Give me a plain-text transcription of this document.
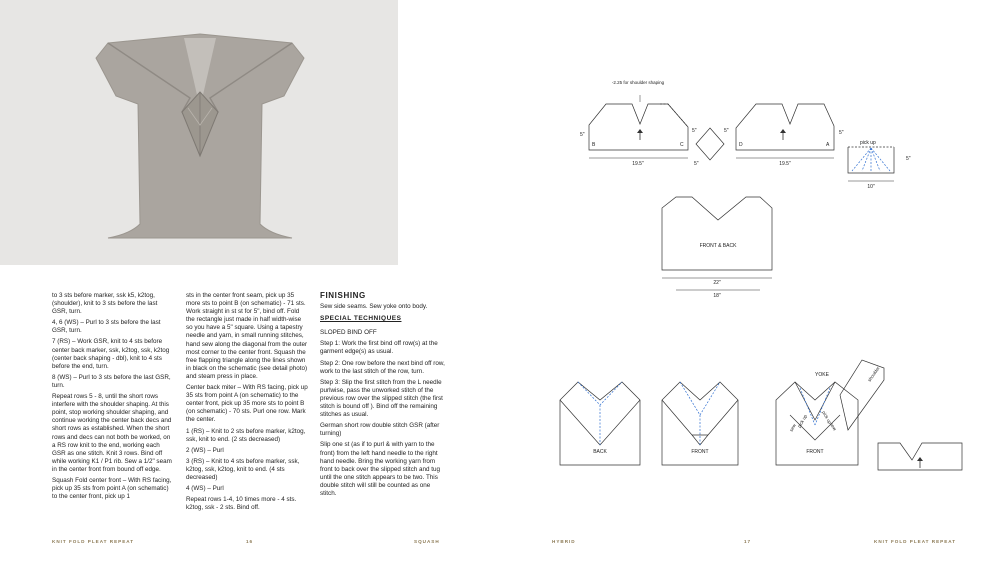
to 3 sts before marker, ssk k5, k2tog, (shoulder), knit to 3 sts before the last GSR, turn.

4, 6 (WS) – Purl to 3 sts before the last GSR, turn.

7 (RS) – Work GSR, knit to 4 sts before center back marker, ssk, k2tog, ssk, k2tog (center back shaping - dbl), knit to 4 sts before the end, turn.

8 (WS) – Purl to 3 sts before the last GSR, turn.

Repeat rows 5 - 8, until the short rows interfere with the shoulder shaping. At this point, stop working shoulder shaping, and continue working the center back decs and short rows as established. When the short rows and decs can not both be worked, on a RS row knit to the end, working each GSR as one stitch. Knit 3 rows. Bind off while working K1 / P1 rib. Sew a 1/2" seam in the center front from bound off edge.

Squash Fold center front – With RS facing, pick up 35 sts from point A (on schematic) to the center front, pick up 1

sts in the center front seam, pick up 35 more sts to point B (on schematic) - 71 sts. Work straight in st st for 5", bind off. Fold the rectangle just made in half width-wise so you have a 5" square. Using a tapestry needle and yarn, in small running stitches, hand sew along the diagonal from the outer most corner to the center front. Squash the free flapping triangle along the lines shown in black on the schematic (see detail photo) and steam press in place.

Center back miter – With RS facing, pick up 35 sts from point A (on schematic) to the center front, pick up 35 more sts to point B (on schematic) - 70 sts. Purl one row. Mark the center.

1 (RS) – Knit to 2 sts before marker, k2tog, ssk, knit to end. (2 sts decreased)

2 (WS) – Purl

3 (RS) – Knit to 4 sts before marker, ssk, k2tog, ssk, k2tog, knit to end. (4 sts decreased)

4 (WS) – Purl

Repeat rows 1-4, 10 times more - 4 sts. k2tog, ssk - 2 sts. Bind off.

FINISHING

Sew side seams. Sew yoke onto body.

SPECIAL TECHNIQUES

SLOPED BIND OFF

Step 1: Work the first bind off row(s) at the garment edge(s) as usual.

Step 2: One row before the next bind off row, work to the last stitch of the row, turn.

Step 3: Slip the first stitch from the L needle purlwise, pass the unworked stitch of the previous row over the slipped stitch (the first stitch is bound off ). Bind off the remaining stitches as usual.

German short row double stitch GSR (after turning)

Slip one st (as if to purl & with yarn to the front) from the left hand needle to the right hand needle. Bring the working yarn from front to back over the slipped stitch and tug until the one stitch appears to be two. This double stitch will still be counted as one stitch.

KNIT FOLD PLEAT REPEAT	16	SQUASH	HYBRID	17	KNIT FOLD PLEAT REPEAT
-2.25 for shoulder shaping
5"
19.5"
5"
5"
5"
19.5"
5"
5"
10"
B	C	D	A	pick up
FRONT & BACK
22"
18"
BACK	FRONT	FRONT
YOKE	shoulder
pick up	pick up
sew	sew
